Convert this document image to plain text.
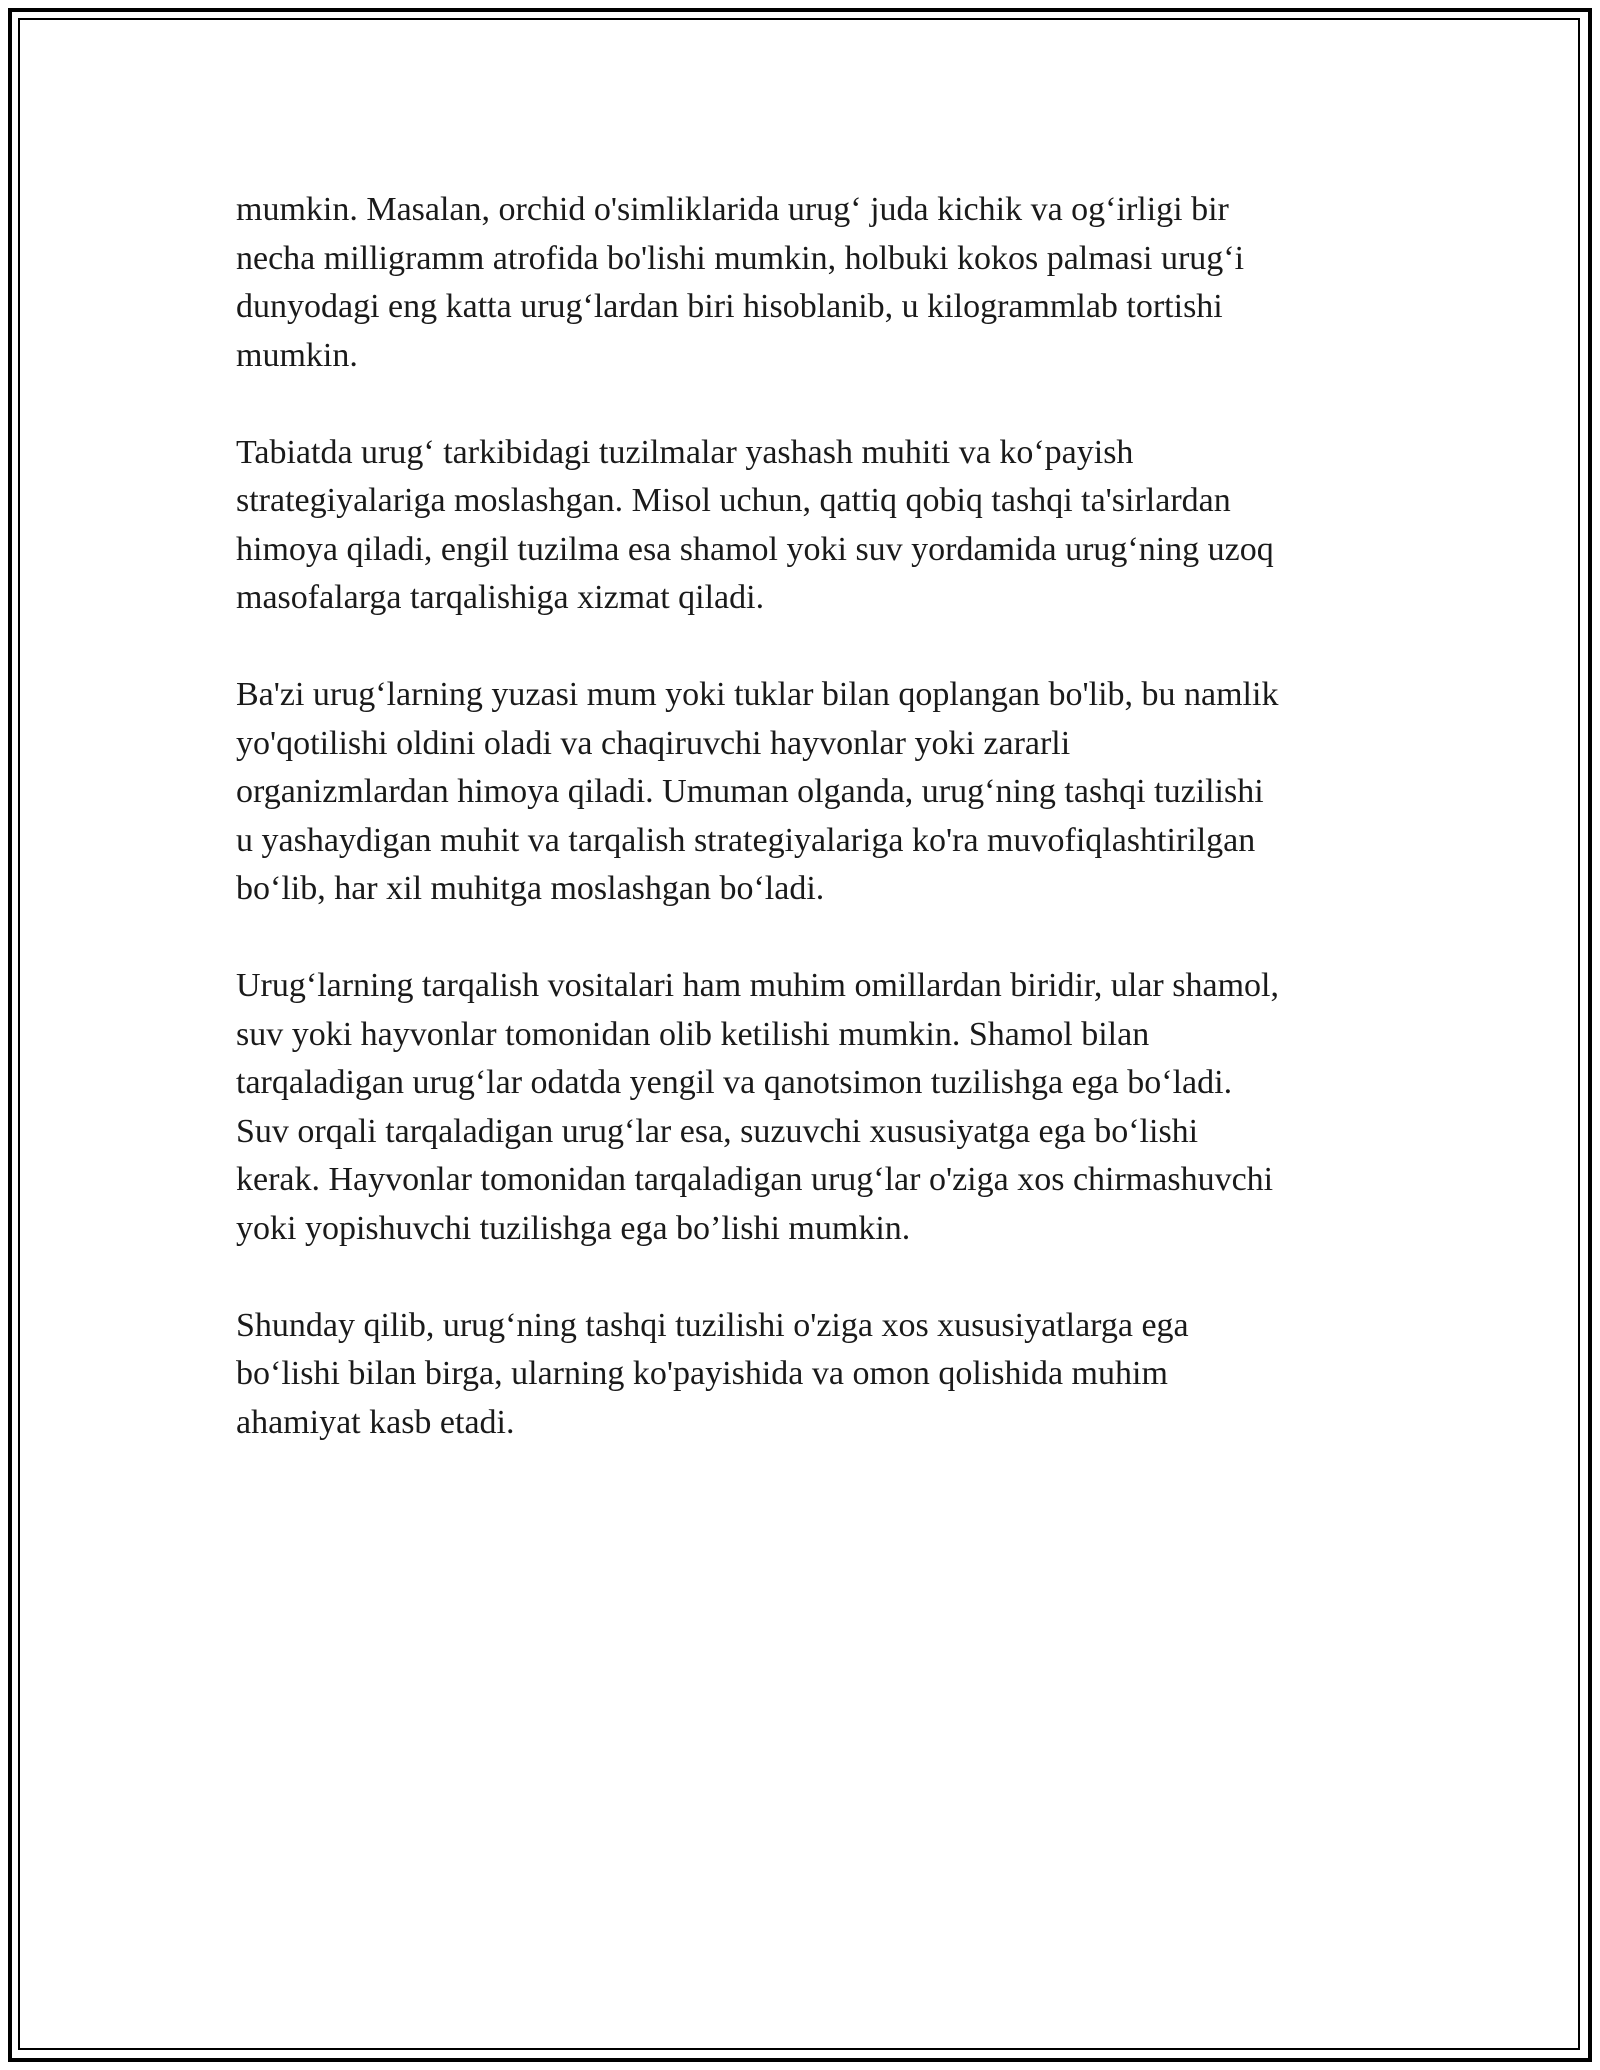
mumkin. Masalan, orchid o'simliklarida urug‘ juda kichik va og‘irligi bir
necha milligramm atrofida bo'lishi mumkin, holbuki kokos palmasi urug‘i
dunyodagi eng katta urug‘lardan biri hisoblanib, u kilogrammlab tortishi
mumkin.

Tabiatda urug‘ tarkibidagi tuzilmalar yashash muhiti va ko‘payish
strategiyalariga moslashgan. Misol uchun, qattiq qobiq tashqi ta'sirlardan
himoya qiladi, engil tuzilma esa shamol yoki suv yordamida urug‘ning uzoq
masofalarga tarqalishiga xizmat qiladi.

Ba'zi urug‘larning yuzasi mum yoki tuklar bilan qoplangan bo'lib, bu namlik
yo'qotilishi oldini oladi va chaqiruvchi hayvonlar yoki zararli
organizmlardan himoya qiladi. Umuman olganda, urug‘ning tashqi tuzilishi
u yashaydigan muhit va tarqalish strategiyalariga ko'ra muvofiqlashtirilgan
bo‘lib, har xil muhitga moslashgan bo‘ladi.

Urug‘larning tarqalish vositalari ham muhim omillardan biridir, ular shamol,
suv yoki hayvonlar tomonidan olib ketilishi mumkin. Shamol bilan
tarqaladigan urug‘lar odatda yengil va qanotsimon tuzilishga ega bo‘ladi.
Suv orqali tarqaladigan urug‘lar esa, suzuvchi xususiyatga ega bo‘lishi
kerak. Hayvonlar tomonidan tarqaladigan urug‘lar o'ziga xos chirmashuvchi
yoki yopishuvchi tuzilishga ega bo’lishi mumkin.

Shunday qilib, urug‘ning tashqi tuzilishi o'ziga xos xususiyatlarga ega
bo‘lishi bilan birga, ularning ko'payishida va omon qolishida muhim
ahamiyat kasb etadi.
